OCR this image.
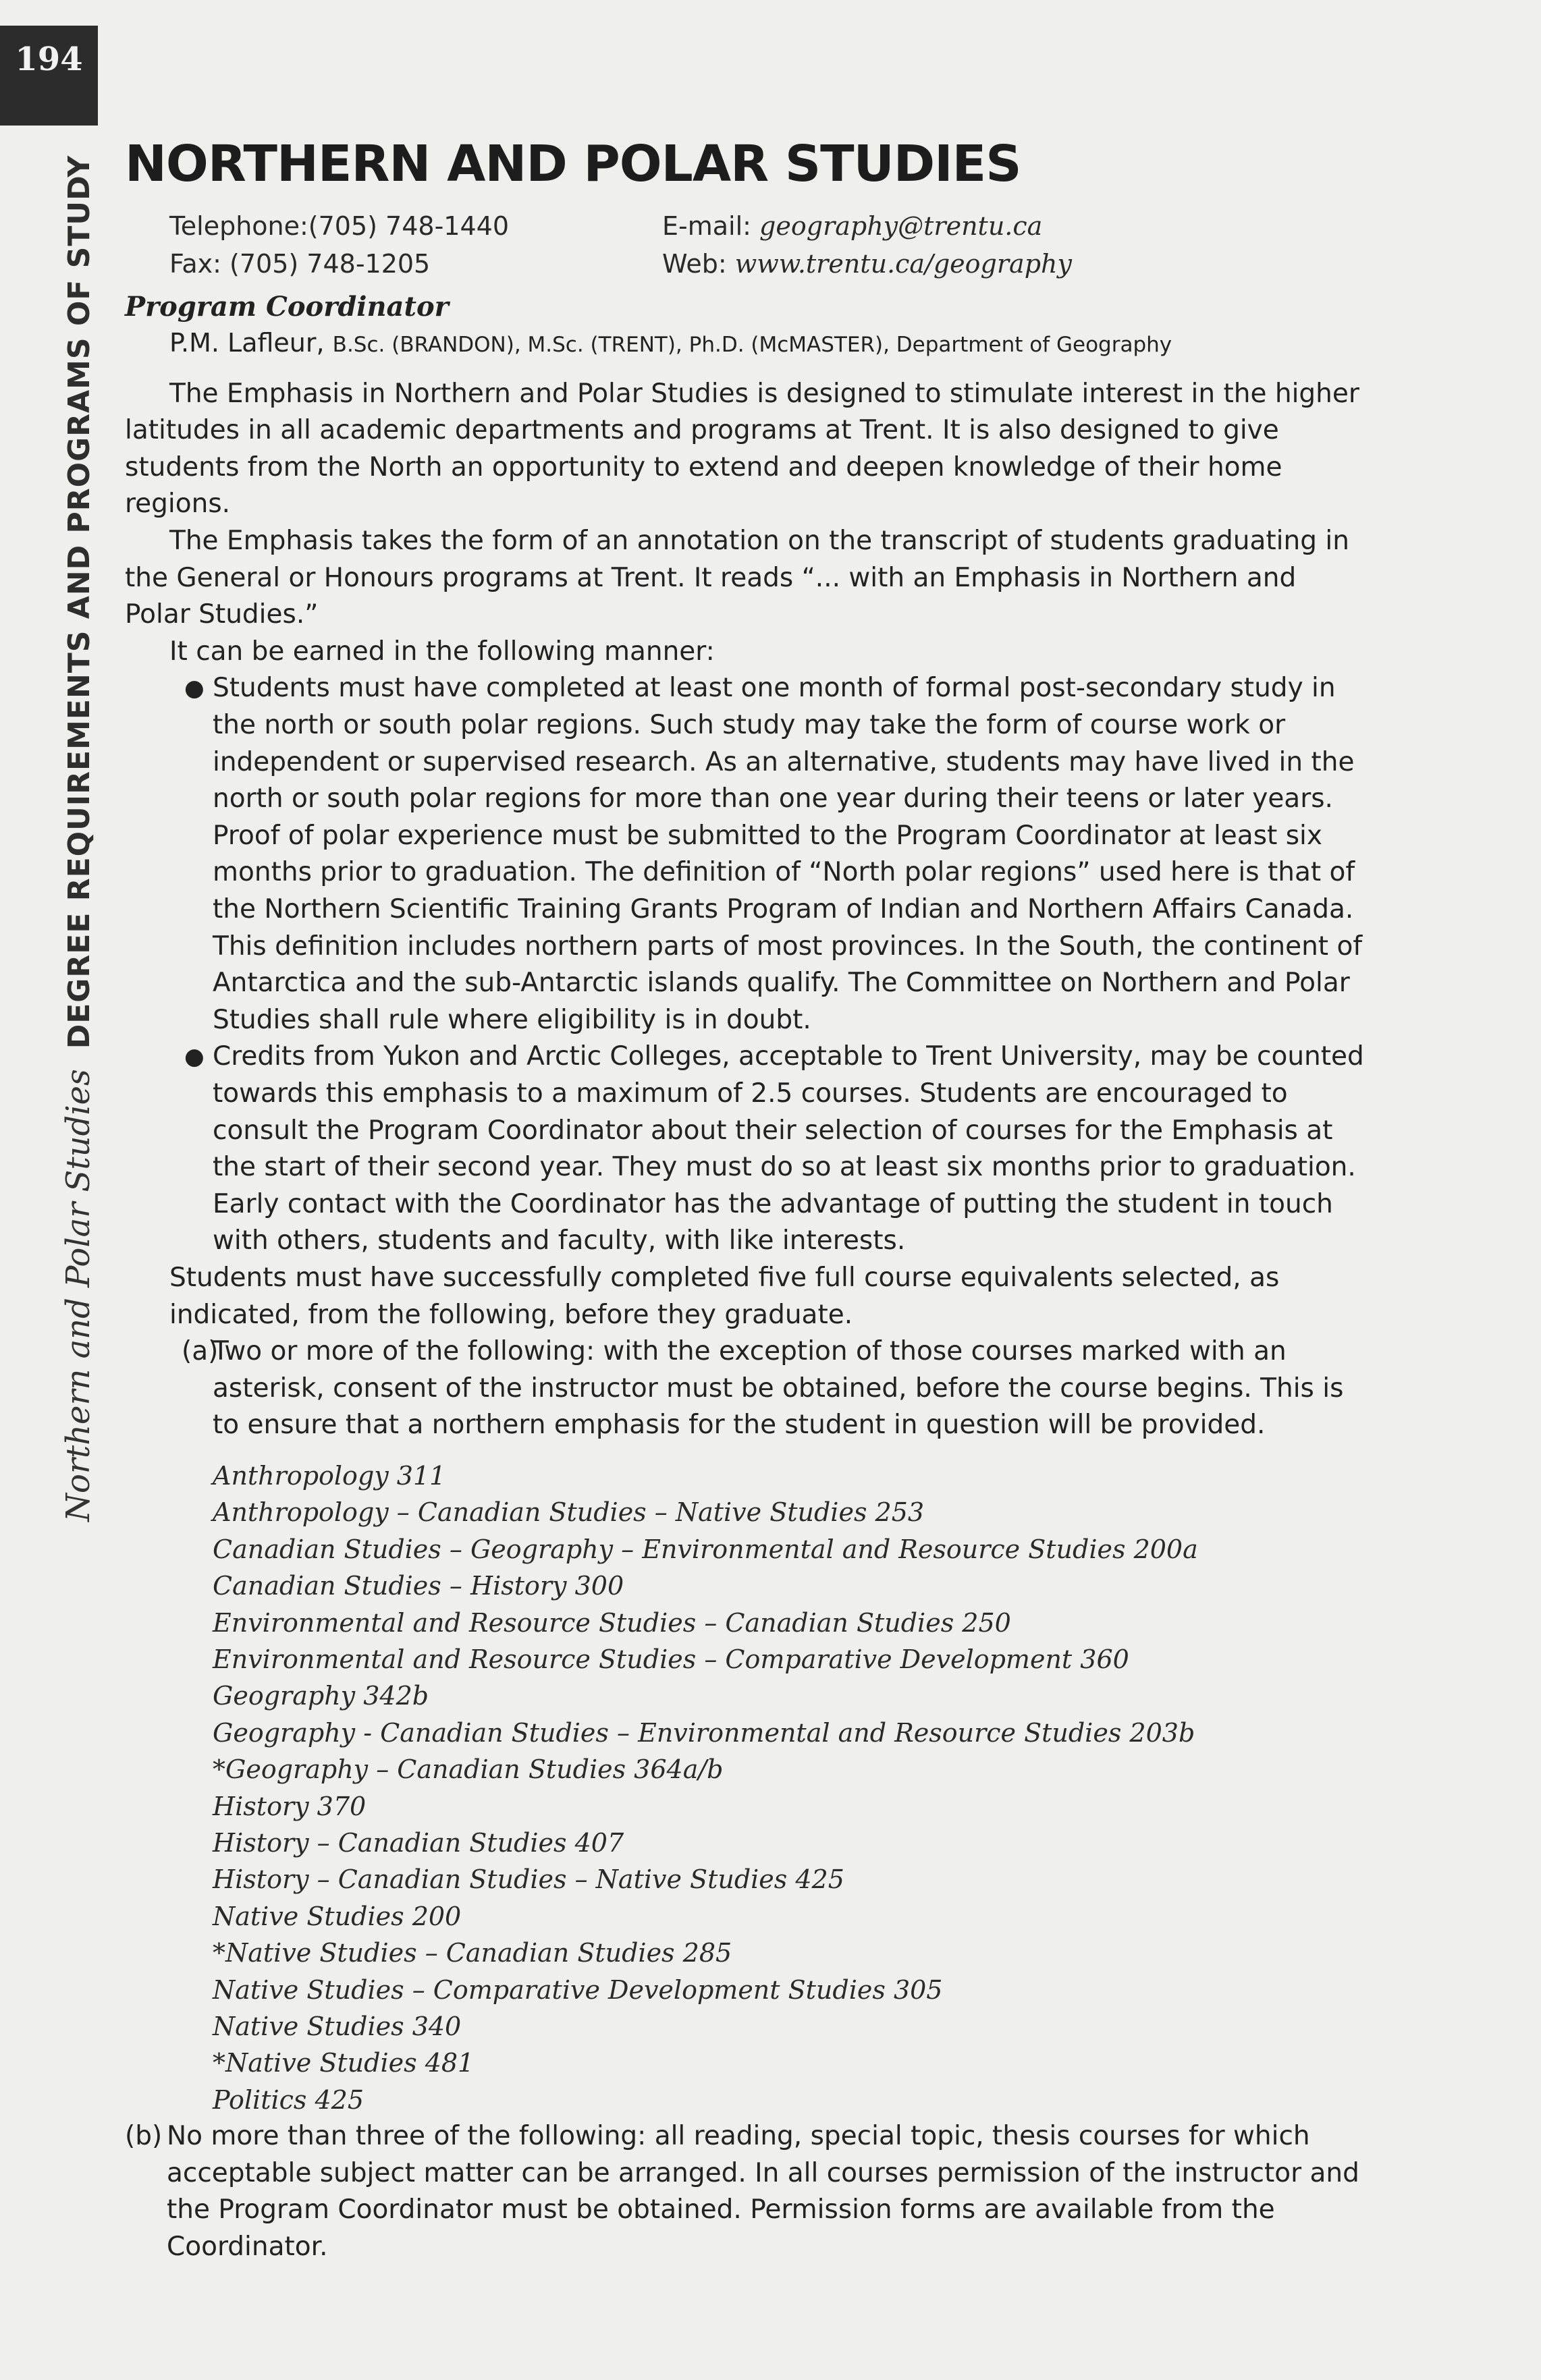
194
Northern and Polar StudiesDEGREE REQUIREMENTS AND PROGRAMS OF STUDY NORTHERN AND POLAR STUDIES
Telephone:(705) 748-1440	E-mail: geography@trentu.ca
Fax: (705) 748-1205	Web: www.trentu.ca/geography
Program Coordinator
P.M. Lafleur, B.Sc. (BRANDON), M.Sc. (TRENT), Ph.D. (McMASTER), Department of Geography

The Emphasis in Northern and Polar Studies is designed to stimulate interest in the higher latitudes in all academic departments and programs at Trent. It is also designed to give students from the North an opportunity to extend and deepen knowledge of their home regions.

The Emphasis takes the form of an annotation on the transcript of students graduating in the General or Honours programs at Trent. It reads “... with an Emphasis in Northern and Polar Studies.”

It can be earned in the following manner:

● Students must have completed at least one month of formal post-secondary study in the north or south polar regions. Such study may take the form of course work or independent or supervised research. As an alternative, students may have lived in the north or south polar regions for more than one year during their teens or later years. Proof of polar experience must be submitted to the Program Coordinator at least six months prior to graduation. The definition of “North polar regions” used here is that of the Northern Scientific Training Grants Program of Indian and Northern Affairs Canada. This definition includes northern parts of most provinces. In the South, the continent of Antarctica and the sub-Antarctic islands qualify. The Committee on Northern and Polar Studies shall rule where eligibility is in doubt.
● Credits from Yukon and Arctic Colleges, acceptable to Trent University, may be counted towards this emphasis to a maximum of 2.5 courses. Students are encouraged to consult the Program Coordinator about their selection of courses for the Emphasis at the start of their second year. They must do so at least six months prior to graduation. Early contact with the Coordinator has the advantage of putting the student in touch with others, students and faculty, with like interests.

Students must have successfully completed five full course equivalents selected, as indicated, from the following, before they graduate.

(a)
Two or more of the following: with the exception of those courses marked with an asterisk, consent of the instructor must be obtained, before the course begins. This is to ensure that a northern emphasis for the student in question will be provided.
Anthropology 311
Anthropology – Canadian Studies – Native Studies 253
Canadian Studies – Geography – Environmental and Resource Studies 200a
Canadian Studies – History 300
Environmental and Resource Studies – Canadian Studies 250
Environmental and Resource Studies – Comparative Development 360
Geography 342b
Geography - Canadian Studies – Environmental and Resource Studies 203b
*Geography – Canadian Studies 364a/b
History 370
History – Canadian Studies 407
History – Canadian Studies – Native Studies 425
Native Studies 200
*Native Studies – Canadian Studies 285
Native Studies – Comparative Development Studies 305
Native Studies 340
*Native Studies 481
Politics 425
(b) No more than three of the following: all reading, special topic, thesis courses for which acceptable subject matter can be arranged. In all courses permission of the instructor and the Program Coordinator must be obtained. Permission forms are available from the Coordinator.
